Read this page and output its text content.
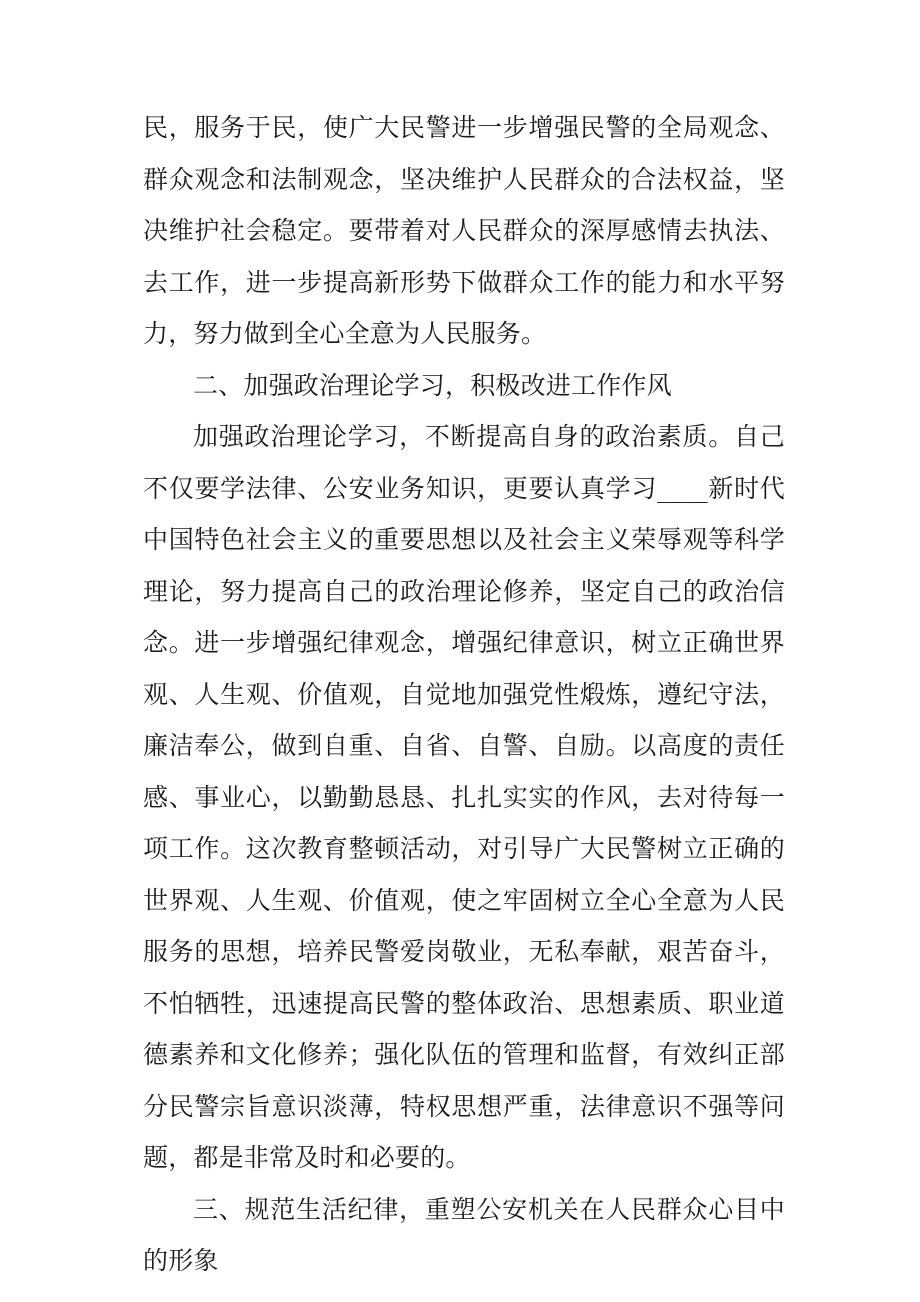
民，服务于民，使广大民警进一步增强民警的全局观念、群众观念和法制观念，坚决维护人民群众的合法权益，坚决维护社会稳定。要带着对人民群众的深厚感情去执法、去工作，进一步提高新形势下做群众工作的能力和水平努力，努力做到全心全意为人民服务。

二、加强政治理论学习，积极改进工作作风

加强政治理论学习，不断提高自身的政治素质。自己不仅要学法律、公安业务知识，更要认真学习____新时代中国特色社会主义的重要思想以及社会主义荣辱观等科学理论，努力提高自己的政治理论修养，坚定自己的政治信念。进一步增强纪律观念，增强纪律意识，树立正确世界观、人生观、价值观，自觉地加强党性煅炼，遵纪守法，廉洁奉公，做到自重、自省、自警、自励。以高度的责任感、事业心，以勤勤恳恳、扎扎实实的作风，去对待每一项工作。这次教育整顿活动，对引导广大民警树立正确的世界观、人生观、价值观，使之牢固树立全心全意为人民服务的思想，培养民警爱岗敬业，无私奉献，艰苦奋斗，不怕牺牲，迅速提高民警的整体政治、思想素质、职业道德素养和文化修养；强化队伍的管理和监督，有效纠正部分民警宗旨意识淡薄，特权思想严重，法律意识不强等问题，都是非常及时和必要的。

三、规范生活纪律，重塑公安机关在人民群众心目中的形象
